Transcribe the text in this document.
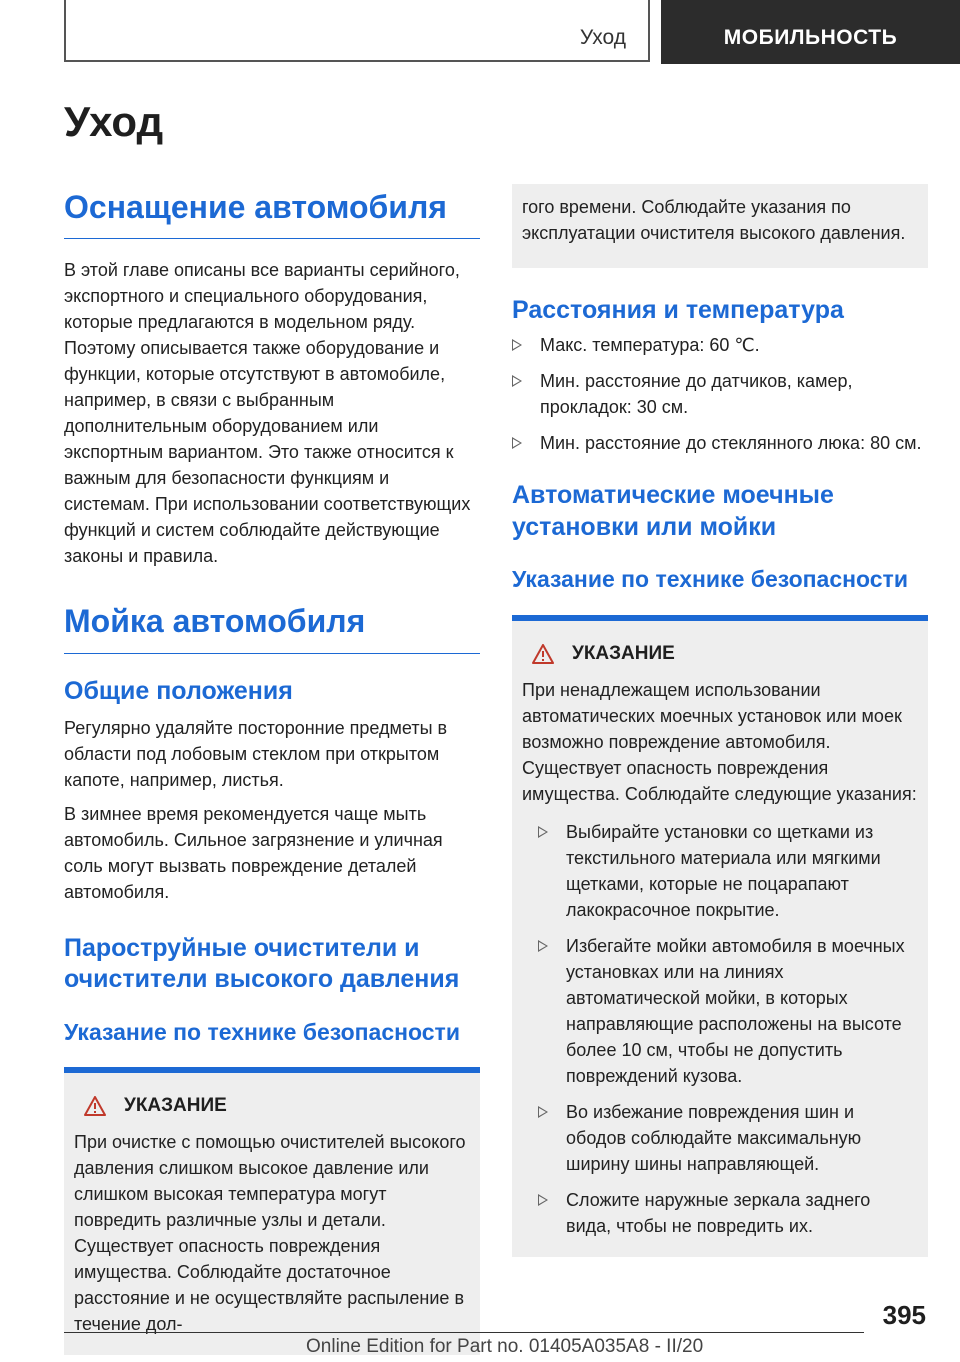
Уход	МОБИЛЬНОСТЬ
Уход
Оснащение автомобиля

В этой главе описаны все варианты серийного, экспортного и специального оборудования, которые предлагаются в модельном ряду. Поэтому описывается также оборудование и функции, которые отсутствуют в автомобиле, например, в связи с выбранным дополнительным оборудованием или экспортным вариантом. Это также относится к важным для безопасности функциям и системам. При использовании соответствующих функций и систем соблюдайте действующие законы и правила.

Мойка автомобиля
Общие положения

Регулярно удаляйте посторонние предметы в области под лобовым стеклом при открытом капоте, например, листья.

В зимнее время рекомендуется чаще мыть автомобиль. Сильное загрязнение и уличная соль могут вызвать повреждение деталей автомобиля.

Пароструйные очистители и очистители высокого давления
Указание по технике безопасности
УКАЗАНИЕ

При очистке с помощью очистителей высокого давления слишком высокое давление или слишком высокая температура могут повредить различные узлы и детали. Существует опасность повреждения имущества. Соблюдайте достаточное расстояние и не осуществляйте распыление в течение дол-

гого времени. Соблюдайте указания по эксплуатации очистителя высокого давления.

Расстояния и температура
Макс. температура: 60 ℃.
Мин. расстояние до датчиков, камер, прокладок: 30 см.
Мин. расстояние до стеклянного люка: 80 см.
Автоматические моечные установки или мойки
Указание по технике безопасности
УКАЗАНИЕ

При ненадлежащем использовании автоматических моечных установок или моек возможно повреждение автомобиля. Существует опасность повреждения имущества. Соблюдайте следующие указания:

Выбирайте установки со щетками из текстильного материала или мягкими щетками, которые не поцарапают лакокрасочное покрытие.
Избегайте мойки автомобиля в моечных установках или на линиях автоматической мойки, в которых направляющие расположены на высоте более 10 см, чтобы не допустить повреждений кузова.
Во избежание повреждения шин и ободов соблюдайте максимальную ширину шины направляющей.
Сложите наружные зеркала заднего вида, чтобы не повредить их.
395
Online Edition for Part no. 01405A035A8 - II/20
